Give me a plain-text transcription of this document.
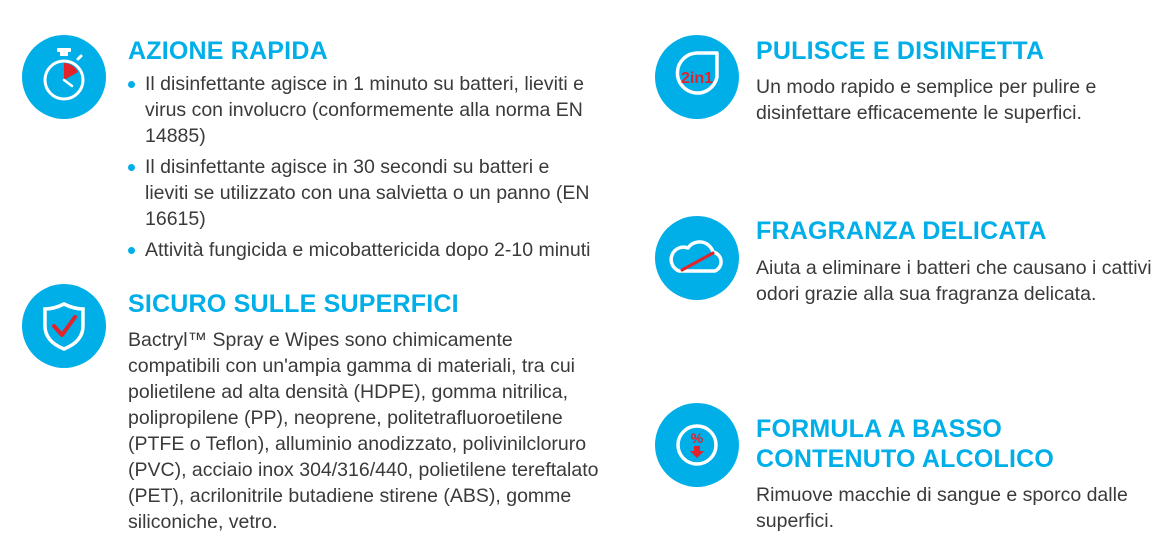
AZIONE RAPIDA
Il disinfettante agisce in 1 minuto su batteri, lieviti e virus con involucro (conformemente alla norma EN 14885)
Il disinfettante agisce in 30 secondi su batteri e lieviti se utilizzato con una salvietta o un panno (EN 16615)
Attività fungicida e micobattericida dopo 2-10 minuti
SICURO SULLE SUPERFICI

Bactryl™ Spray e Wipes sono chimicamente compatibili con un'ampia gamma di materiali, tra cui polietilene ad alta densità (HDPE), gomma nitrilica, polipropilene (PP), neoprene, politetrafluoroetilene (PTFE o Teflon), alluminio anodizzato, polivinilcloruro (PVC), acciaio inox 304/316/440, polietilene tereftalato (PET), acrilonitrile butadiene stirene (ABS), gomme siliconiche, vetro.

2in1
PULISCE E DISINFETTA

Un modo rapido e semplice per pulire e disinfettare efficacemente le superfici.

FRAGRANZA DELICATA

Aiuta a eliminare i batteri che causano i cattivi odori grazie alla sua fragranza delicata.

% FORMULA A BASSO CONTENUTO ALCOLICO

Rimuove macchie di sangue e sporco dalle superfici.
